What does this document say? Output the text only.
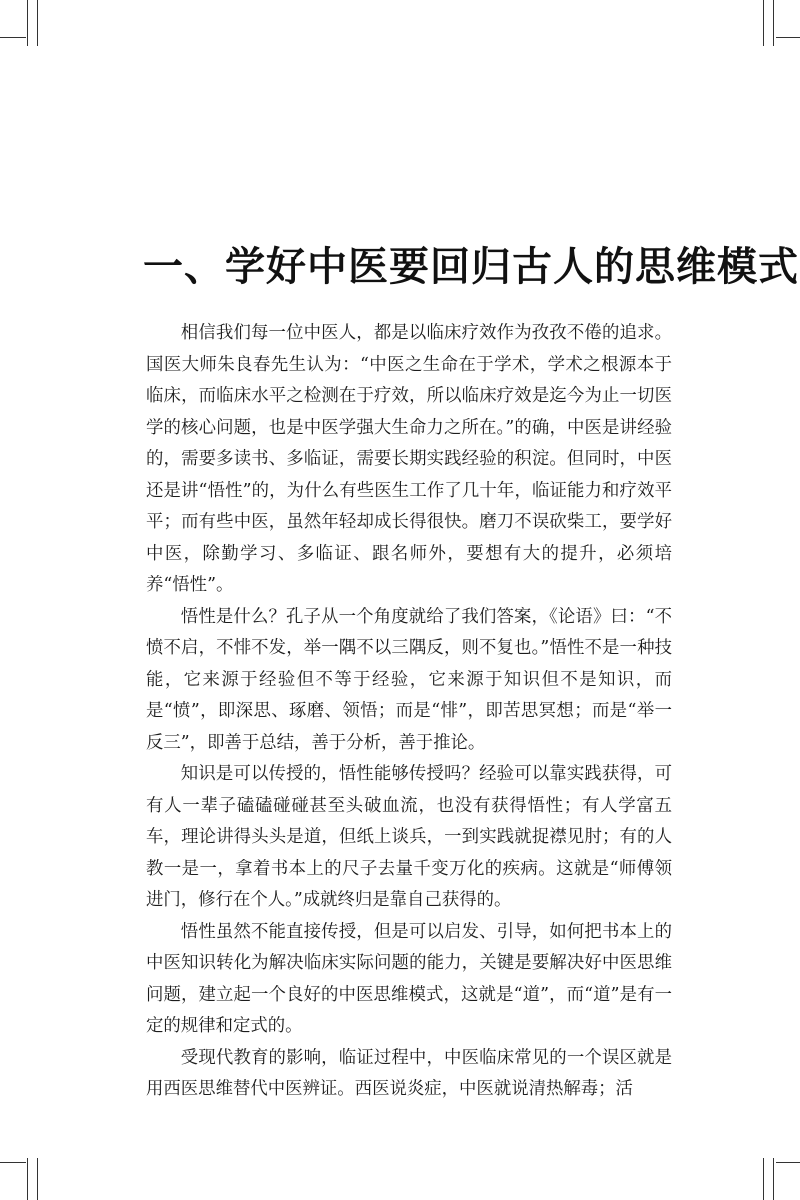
一、学好中医要回归古人的思维模式

相信我们每一位中医人，都是以临床疗效作为孜孜不倦的追求。国医大师朱良春先生认为：“中医之生命在于学术，学术之根源本于临床，而临床水平之检测在于疗效，所以临床疗效是迄今为止一切医学的核心问题，也是中医学强大生命力之所在。”的确，中医是讲经验的，需要多读书、多临证，需要长期实践经验的积淀。但同时，中医还是讲“悟性”的，为什么有些医生工作了几十年，临证能力和疗效平平；而有些中医，虽然年轻却成长得很快。磨刀不误砍柴工，要学好中医，除勤学习、多临证、跟名师外，要想有大的提升，必须培养“悟性”。

悟性是什么？孔子从一个角度就给了我们答案，《论语》曰：“不愤不启，不悱不发，举一隅不以三隅反，则不复也。”悟性不是一种技能，它来源于经验但不等于经验，它来源于知识但不是知识，而是“愤”，即深思、琢磨、领悟；而是“悱”，即苦思冥想；而是“举一反三”，即善于总结，善于分析，善于推论。

知识是可以传授的，悟性能够传授吗？经验可以靠实践获得，可有人一辈子磕磕碰碰甚至头破血流，也没有获得悟性；有人学富五车，理论讲得头头是道，但纸上谈兵，一到实践就捉襟见肘；有的人教一是一，拿着书本上的尺子去量千变万化的疾病。这就是“师傅领进门，修行在个人。”成就终归是靠自己获得的。

悟性虽然不能直接传授，但是可以启发、引导，如何把书本上的中医知识转化为解决临床实际问题的能力，关键是要解决好中医思维问题，建立起一个良好的中医思维模式，这就是“道”，而“道”是有一定的规律和定式的。

受现代教育的影响，临证过程中，中医临床常见的一个误区就是用西医思维替代中医辨证。西医说炎症，中医就说清热解毒；活
